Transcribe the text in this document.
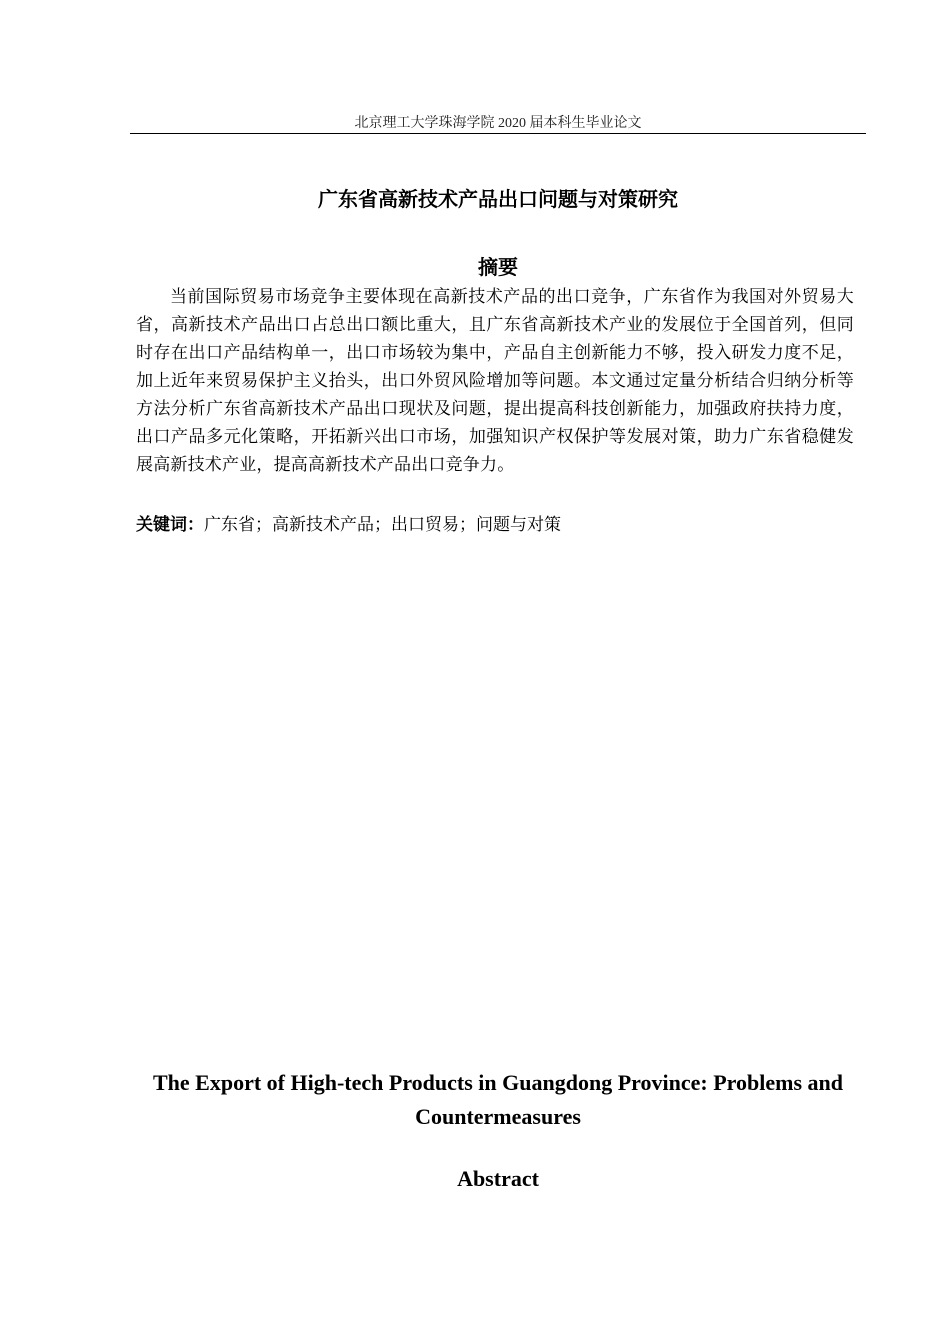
北京理工大学珠海学院 2020 届本科生毕业论文
广东省高新技术产品出口问题与对策研究
摘要

当前国际贸易市场竞争主要体现在高新技术产品的出口竞争，广东省作为我国对外贸易大省，高新技术产品出口占总出口额比重大，且广东省高新技术产业的发展位于全国首列，但同时存在出口产品结构单一，出口市场较为集中，产品自主创新能力不够，投入研发力度不足，加上近年来贸易保护主义抬头，出口外贸风险增加等问题。本文通过定量分析结合归纳分析等方法分析广东省高新技术产品出口现状及问题，提出提高科技创新能力，加强政府扶持力度，出口产品多元化策略，开拓新兴出口市场，加强知识产权保护等发展对策，助力广东省稳健发展高新技术产业，提高高新技术产品出口竞争力。

关键词：广东省；高新技术产品；出口贸易；问题与对策
The Export of High-tech Products in Guangdong Province: Problems and Countermeasures
Abstract
